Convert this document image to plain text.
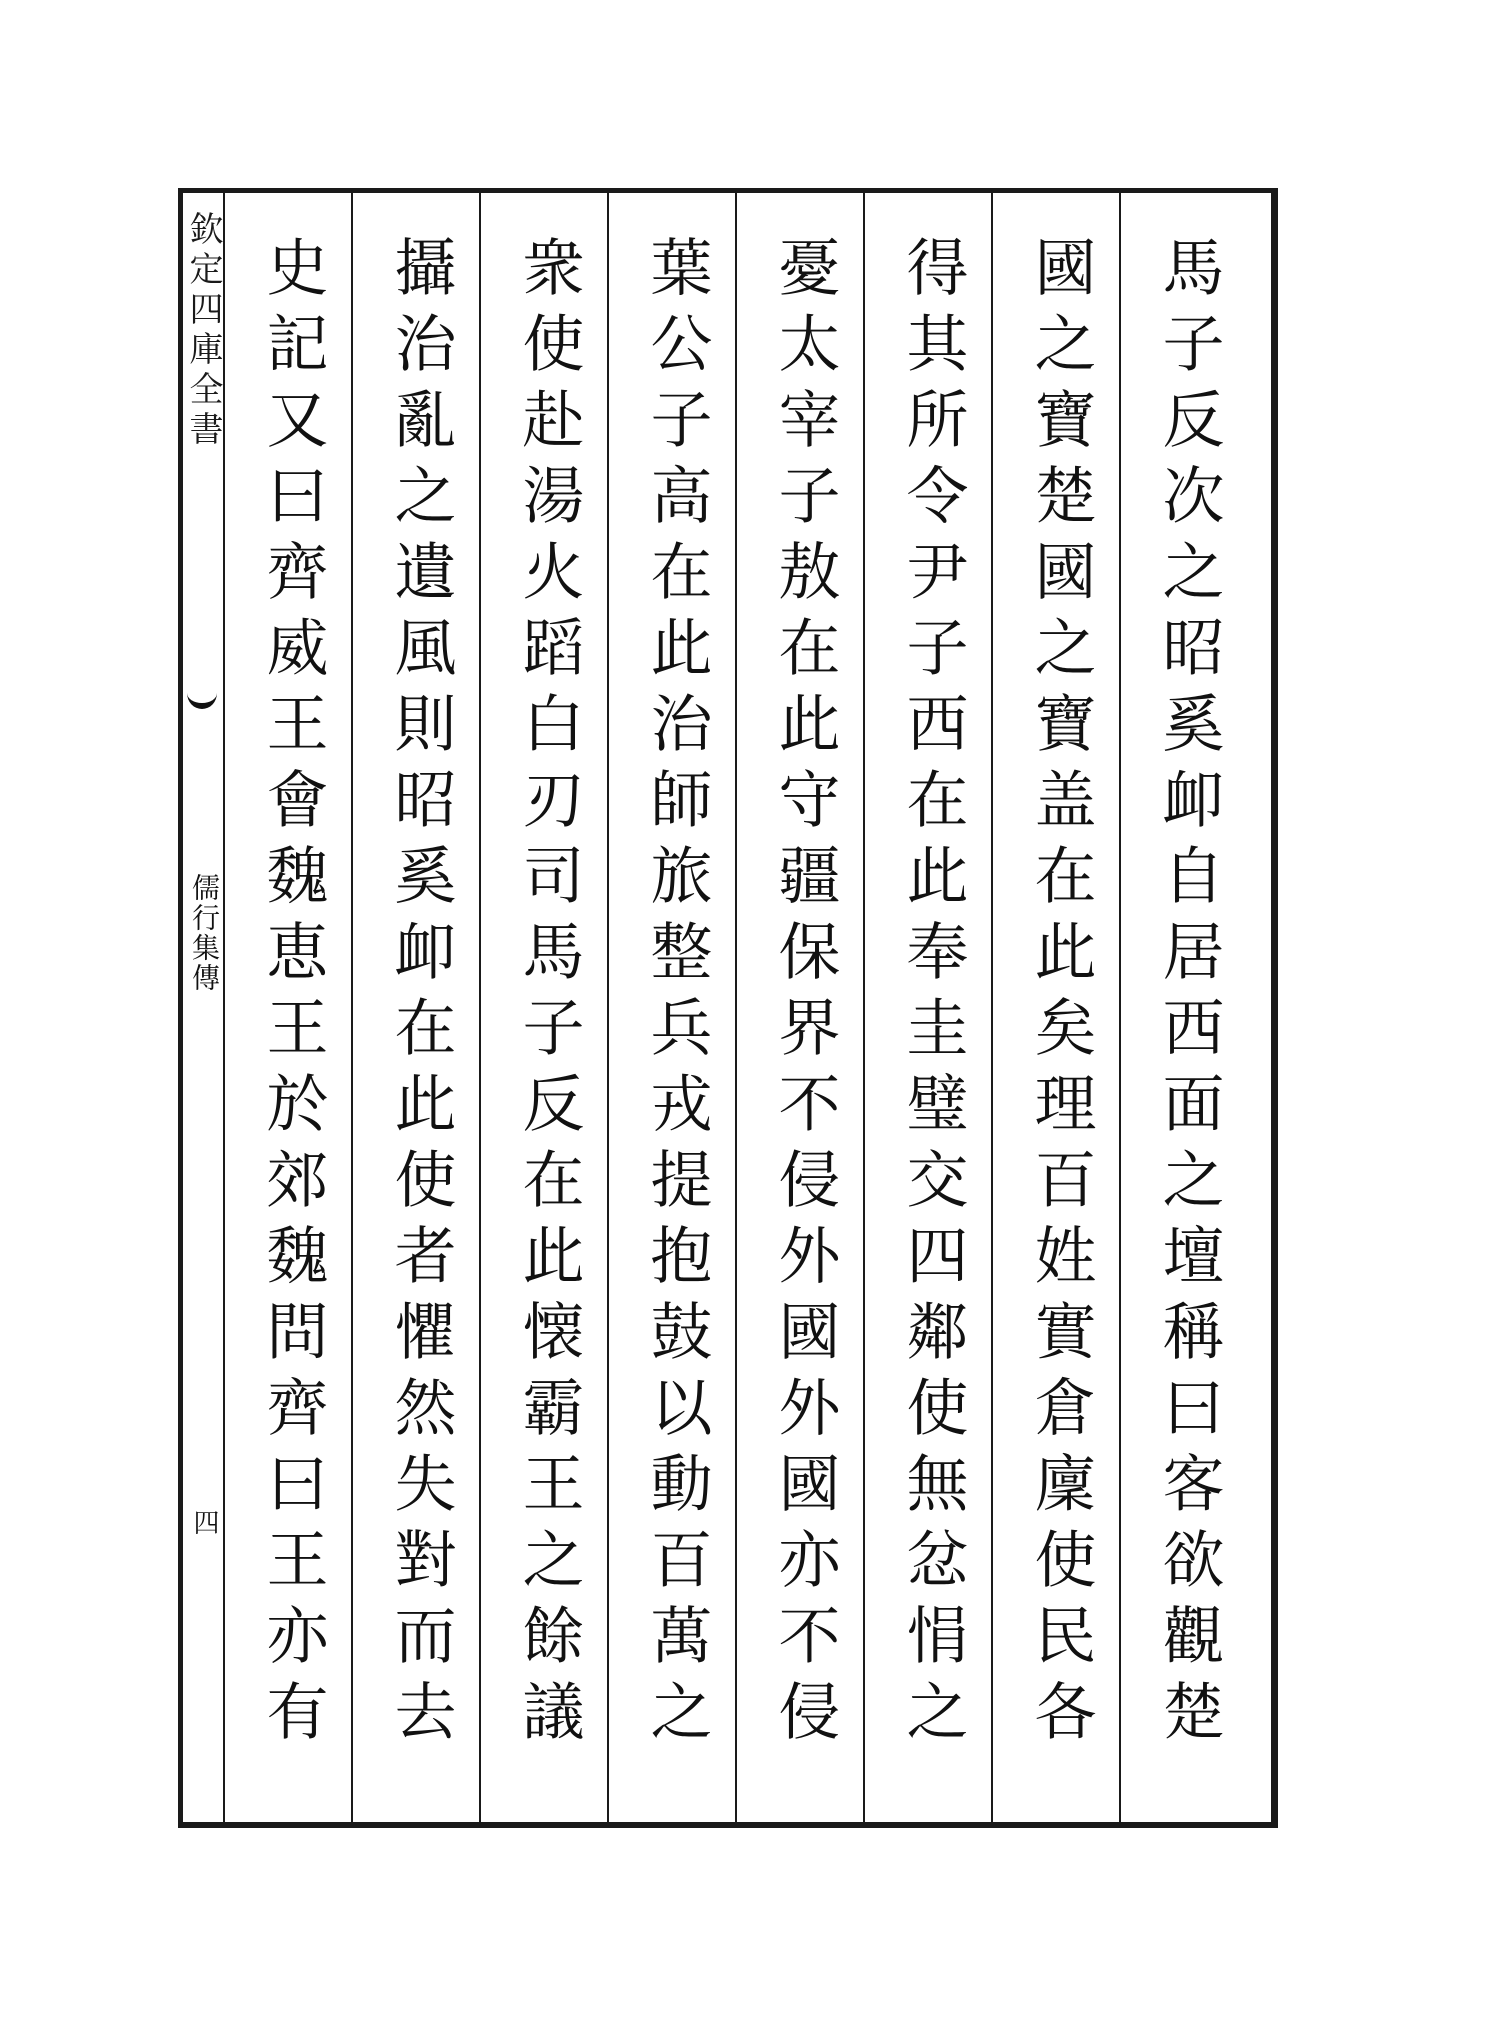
欽定四庫全書
儒行集傳
四	馬子反次之昭奚卹自居西面之壇稱曰客欲觀楚
國之寶楚國之寶盖在此矣理百姓實倉廩使民各
得其所令尹子西在此奉圭璧交四鄰使無忿悁之
憂太宰子敖在此守疆保界不侵外國外國亦不侵
葉公子高在此治師旅整兵戎提抱鼓以動百萬之
衆使赴湯火蹈白刃司馬子反在此懐霸王之餘議
攝治亂之遺風則昭奚卹在此使者懼然失對而去
史記又曰齊威王會魏恵王於郊魏問齊曰王亦有
